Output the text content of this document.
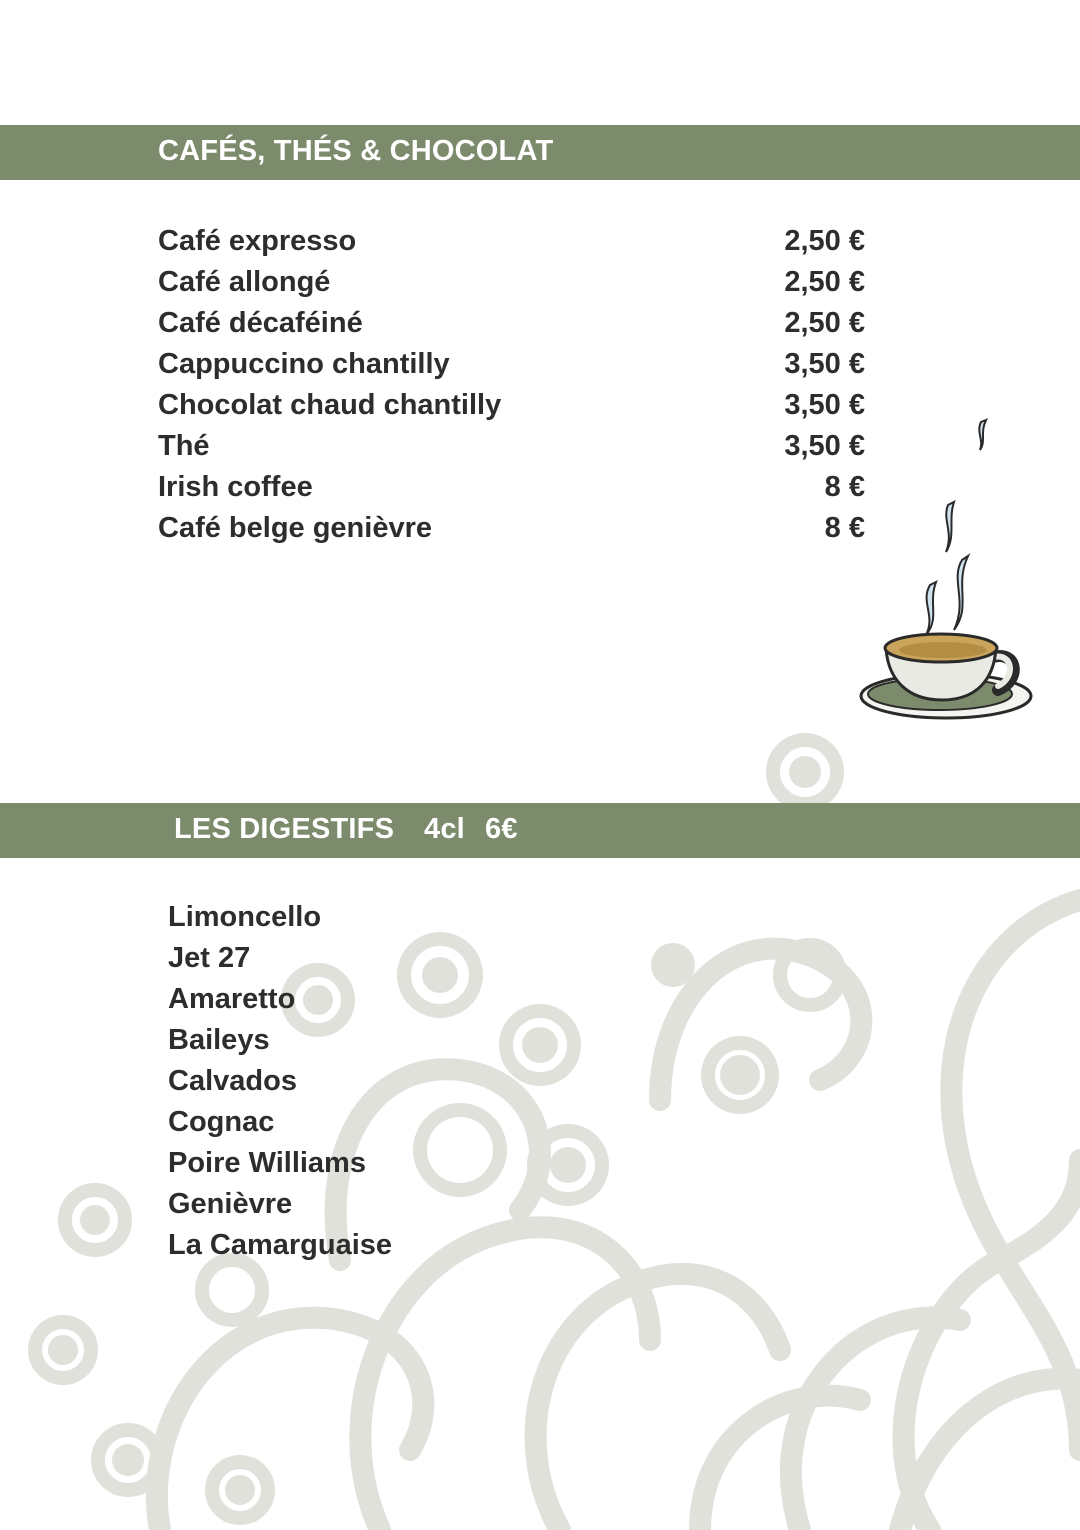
CAFÉS, THÉS & CHOCOLAT
Café expresso	2,50 €
Café allongé	2,50 €
Café décaféiné	2,50 €
Cappuccino chantilly	3,50 €
Chocolat chaud chantilly	3,50 €
Thé	3,50 €
Irish coffee	8 €
Café belge genièvre	8 €
LES DIGESTIFS 4cl 6€
Limoncello
Jet 27
Amaretto
Baileys
Calvados
Cognac
Poire Williams
Genièvre
La Camarguaise
